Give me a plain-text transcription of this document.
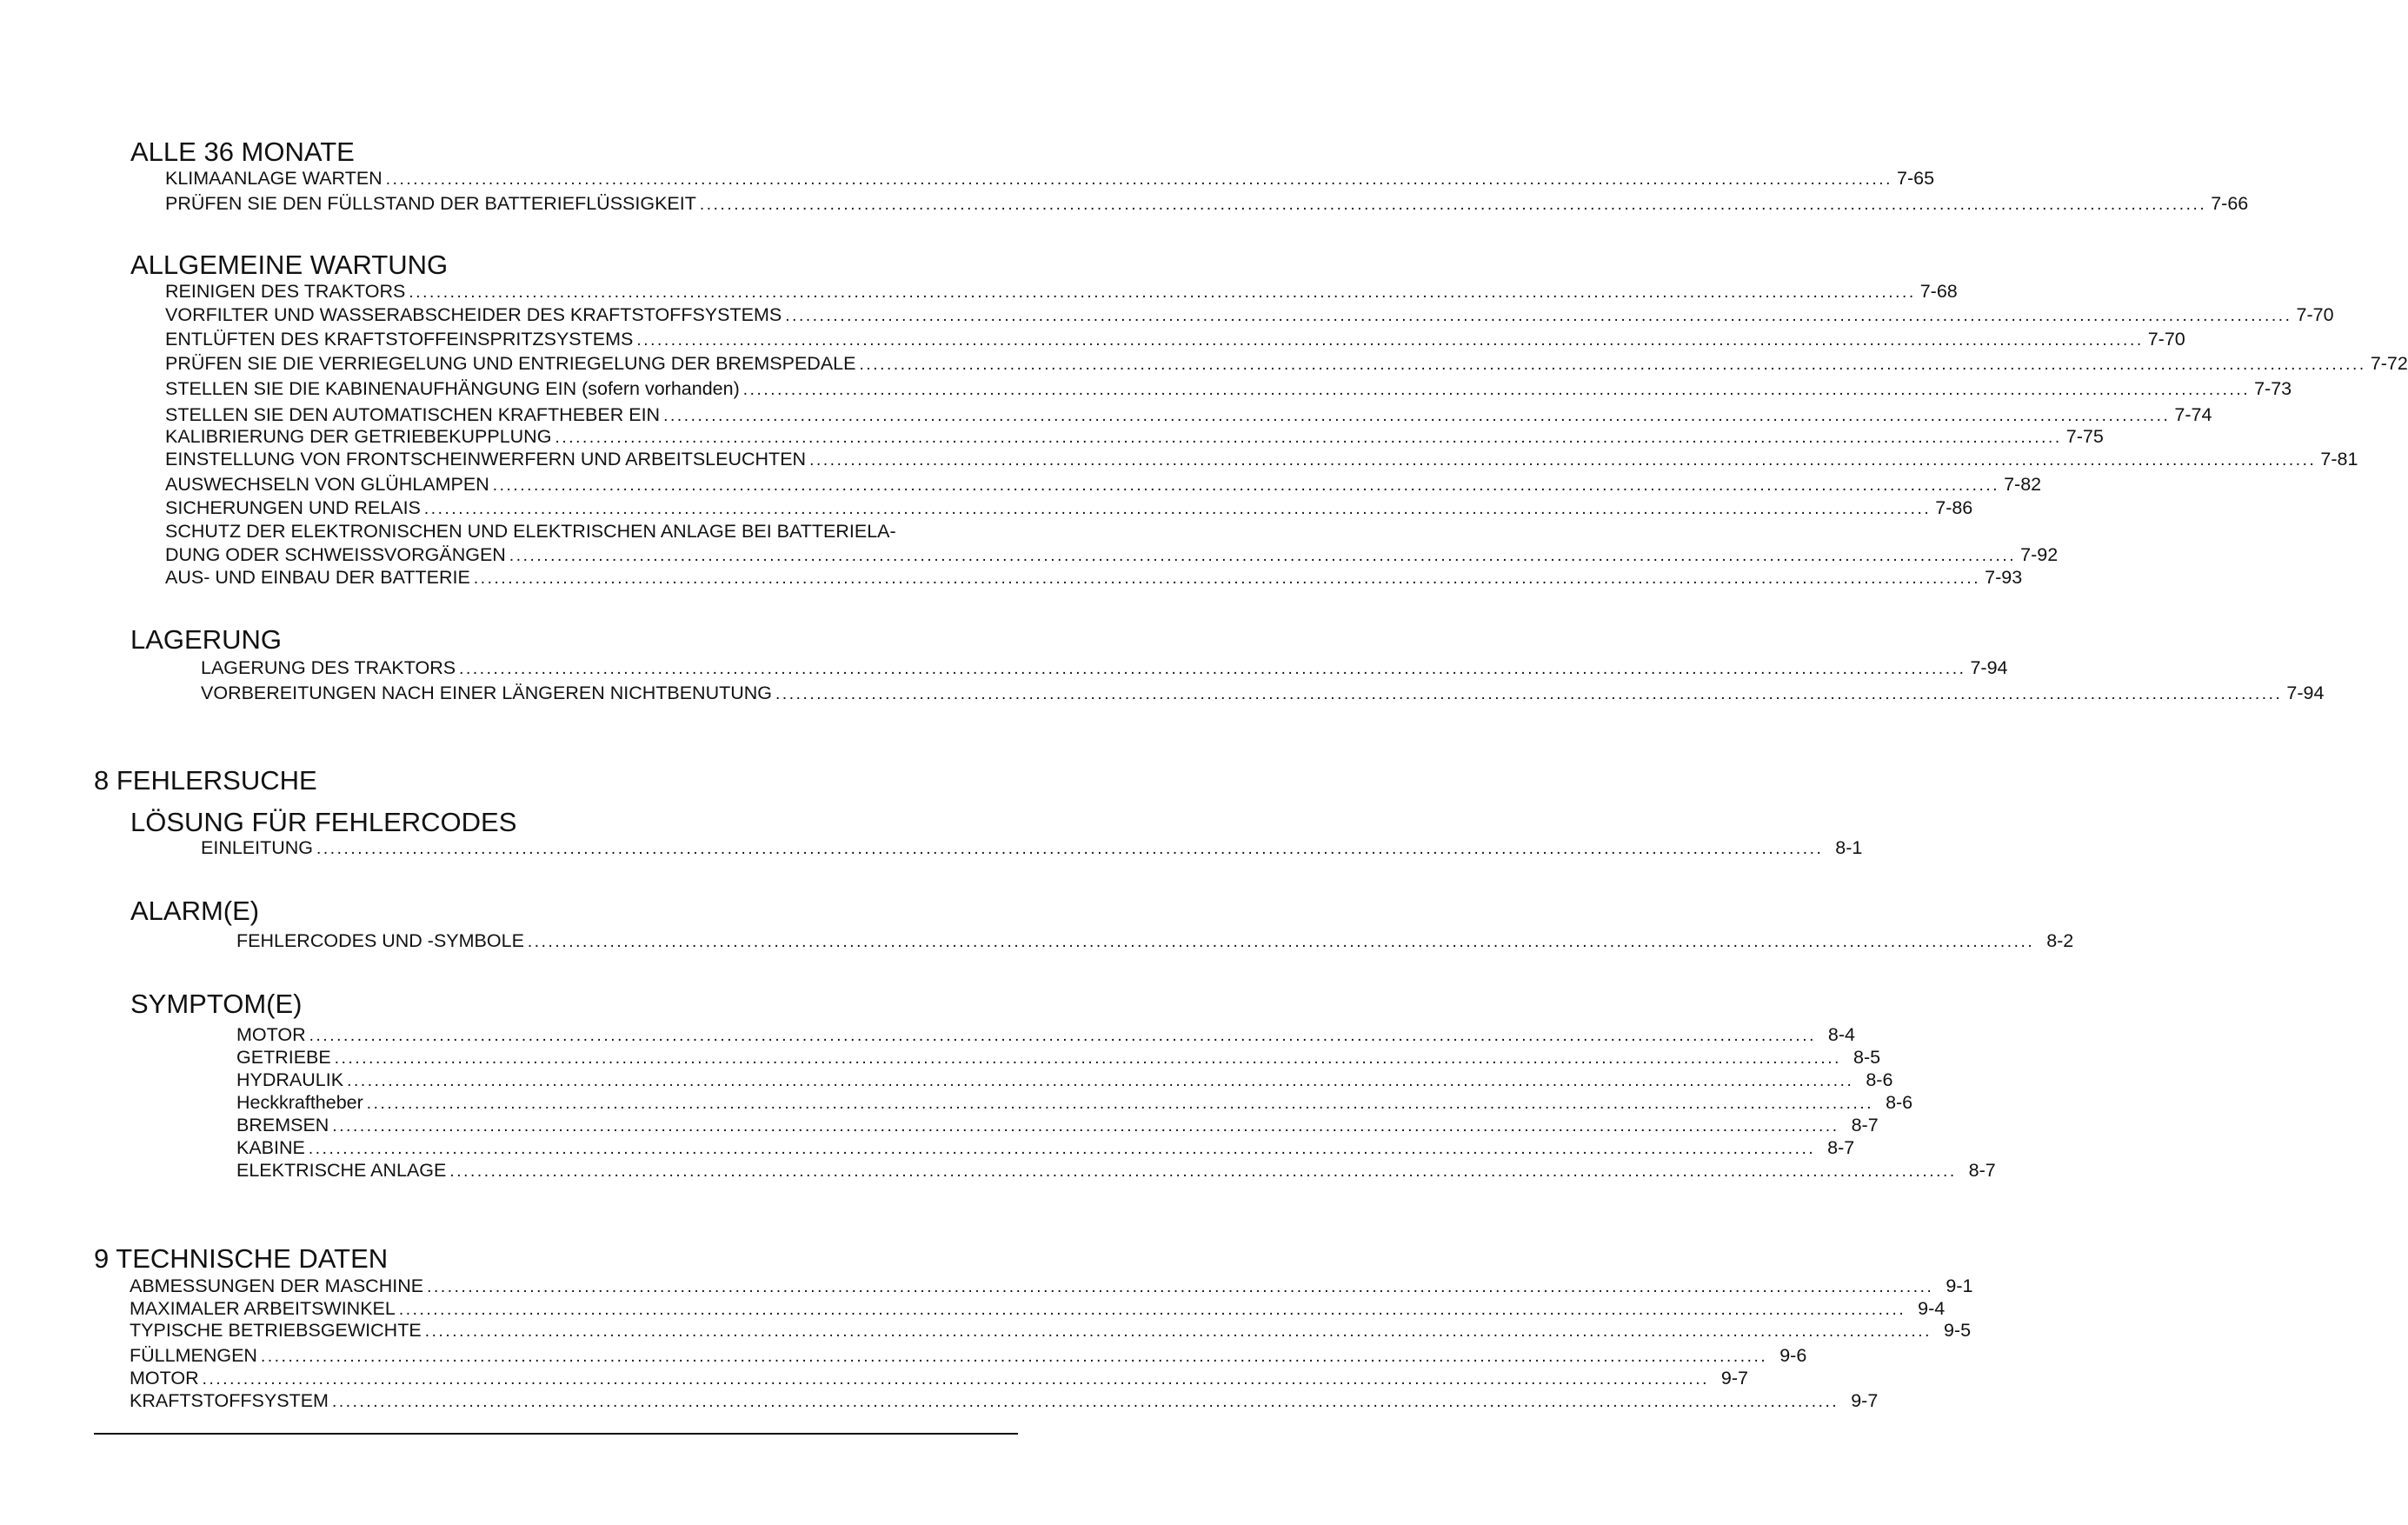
ALLE 36 MONATE
KLIMAANLAGE WARTEN ............................................................................................................................................................................................................................ 7-65
PRÜFEN SIE DEN FÜLLSTAND DER BATTERIEFLÜSSIGKEIT ............................................................................................................................................................................................................................ 7-66
ALLGEMEINE WARTUNG
REINIGEN DES TRAKTORS ............................................................................................................................................................................................................................ 7-68
VORFILTER UND WASSERABSCHEIDER DES KRAFTSTOFFSYSTEMS ............................................................................................................................................................................................................................ 7-70
ENTLÜFTEN DES KRAFTSTOFFEINSPRITZSYSTEMS ............................................................................................................................................................................................................................ 7-70
PRÜFEN SIE DIE VERRIEGELUNG UND ENTRIEGELUNG DER BREMSPEDALE ............................................................................................................................................................................................................................ 7-72
STELLEN SIE DIE KABINENAUFHÄNGUNG EIN (sofern vorhanden) ............................................................................................................................................................................................................................ 7-73
STELLEN SIE DEN AUTOMATISCHEN KRAFTHEBER EIN ............................................................................................................................................................................................................................ 7-74
KALIBRIERUNG DER GETRIEBEKUPPLUNG ............................................................................................................................................................................................................................ 7-75
EINSTELLUNG VON FRONTSCHEINWERFERN UND ARBEITSLEUCHTEN ............................................................................................................................................................................................................................ 7-81
AUSWECHSELN VON GLÜHLAMPEN ............................................................................................................................................................................................................................ 7-82
SICHERUNGEN UND RELAIS ............................................................................................................................................................................................................................ 7-86
SCHUTZ DER ELEKTRONISCHEN UND ELEKTRISCHEN ANLAGE BEI BATTERIELA-
DUNG ODER SCHWEISSVORGÄNGEN ............................................................................................................................................................................................................................ 7-92
AUS- UND EINBAU DER BATTERIE ............................................................................................................................................................................................................................ 7-93
LAGERUNG
LAGERUNG DES TRAKTORS ............................................................................................................................................................................................................................ 7-94
VORBEREITUNGEN NACH EINER LÄNGEREN NICHTBENUTUNG ............................................................................................................................................................................................................................ 7-94
8 FEHLERSUCHE
LÖSUNG FÜR FEHLERCODES
EINLEITUNG ............................................................................................................................................................................................................................ 8-1
ALARM(E)
FEHLERCODES UND -SYMBOLE ............................................................................................................................................................................................................................ 8-2
SYMPTOM(E)
MOTOR ............................................................................................................................................................................................................................ 8-4
GETRIEBE ............................................................................................................................................................................................................................ 8-5
HYDRAULIK ............................................................................................................................................................................................................................ 8-6
Heckkraftheber ............................................................................................................................................................................................................................ 8-6
BREMSEN ............................................................................................................................................................................................................................ 8-7
KABINE ............................................................................................................................................................................................................................ 8-7
ELEKTRISCHE ANLAGE ............................................................................................................................................................................................................................ 8-7
9 TECHNISCHE DATEN
ABMESSUNGEN DER MASCHINE ............................................................................................................................................................................................................................ 9-1
MAXIMALER ARBEITSWINKEL ............................................................................................................................................................................................................................ 9-4
TYPISCHE BETRIEBSGEWICHTE ............................................................................................................................................................................................................................ 9-5
FÜLLMENGEN ............................................................................................................................................................................................................................ 9-6
MOTOR ............................................................................................................................................................................................................................ 9-7
KRAFTSTOFFSYSTEM ............................................................................................................................................................................................................................ 9-7
